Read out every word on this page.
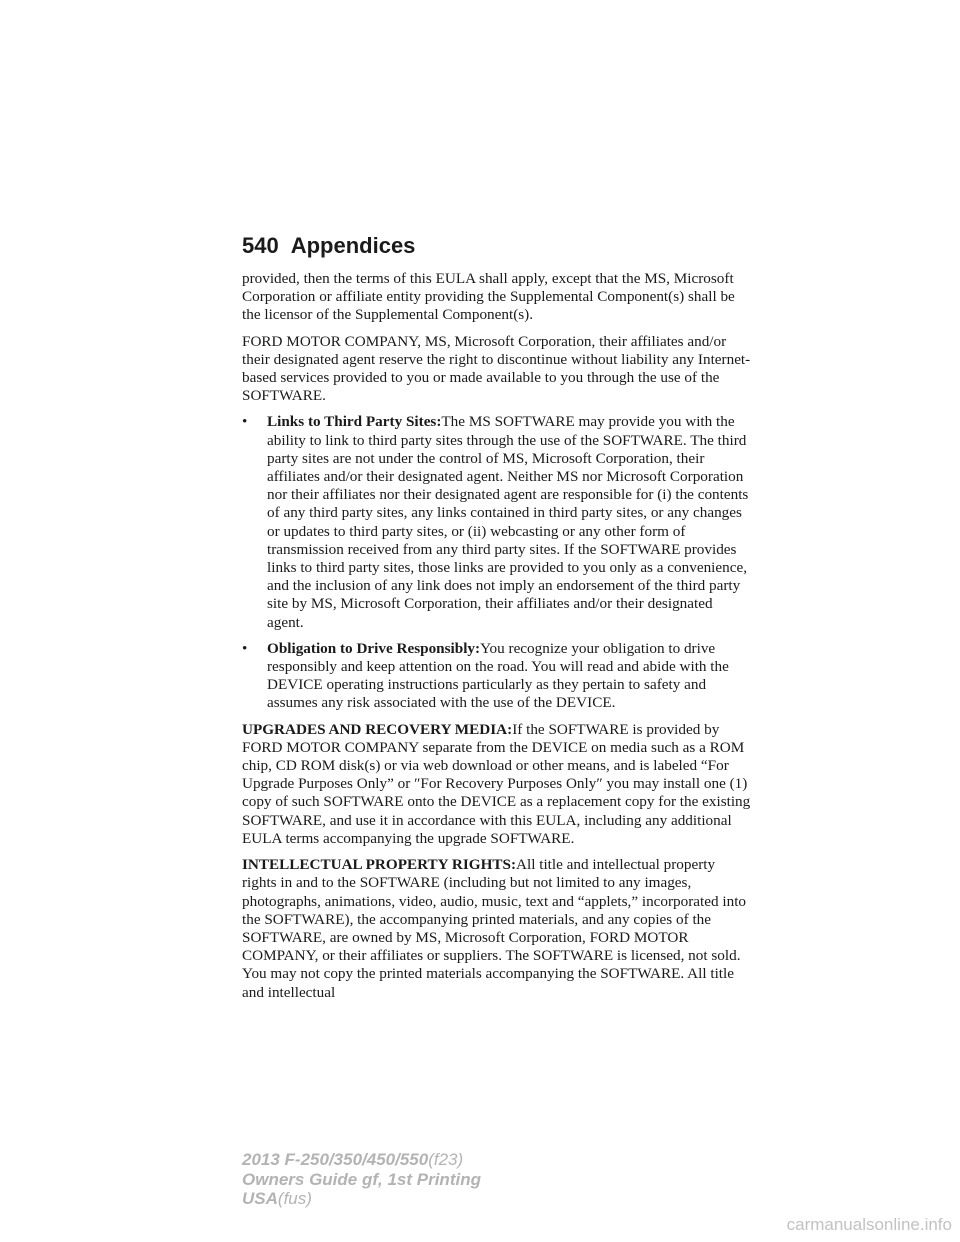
540 Appendices

provided, then the terms of this EULA shall apply, except that the MS, Microsoft Corporation or affiliate entity providing the Supplemental Component(s) shall be the licensor of the Supplemental Component(s).

FORD MOTOR COMPANY, MS, Microsoft Corporation, their affiliates and/or their designated agent reserve the right to discontinue without liability any Internet-based services provided to you or made available to you through the use of the SOFTWARE.

• Links to Third Party Sites:The MS SOFTWARE may provide you with the ability to link to third party sites through the use of the SOFTWARE. The third party sites are not under the control of MS, Microsoft Corporation, their affiliates and/or their designated agent. Neither MS nor Microsoft Corporation nor their affiliates nor their designated agent are responsible for (i) the contents of any third party sites, any links contained in third party sites, or any changes or updates to third party sites, or (ii) webcasting or any other form of transmission received from any third party sites. If the SOFTWARE provides links to third party sites, those links are provided to you only as a convenience, and the inclusion of any link does not imply an endorsement of the third party site by MS, Microsoft Corporation, their affiliates and/or their designated agent.
• Obligation to Drive Responsibly:You recognize your obligation to drive responsibly and keep attention on the road. You will read and abide with the DEVICE operating instructions particularly as they pertain to safety and assumes any risk associated with the use of the DEVICE.

UPGRADES AND RECOVERY MEDIA:If the SOFTWARE is provided by FORD MOTOR COMPANY separate from the DEVICE on media such as a ROM chip, CD ROM disk(s) or via web download or other means, and is labeled “For Upgrade Purposes Only” or ″For Recovery Purposes Only″ you may install one (1) copy of such SOFTWARE onto the DEVICE as a replacement copy for the existing SOFTWARE, and use it in accordance with this EULA, including any additional EULA terms accompanying the upgrade SOFTWARE.

INTELLECTUAL PROPERTY RIGHTS:All title and intellectual property rights in and to the SOFTWARE (including but not limited to any images, photographs, animations, video, audio, music, text and “applets,” incorporated into the SOFTWARE), the accompanying printed materials, and any copies of the SOFTWARE, are owned by MS, Microsoft Corporation, FORD MOTOR COMPANY, or their affiliates or suppliers. The SOFTWARE is licensed, not sold. You may not copy the printed materials accompanying the SOFTWARE. All title and intellectual

2013 F-250/350/450/550(f23)
Owners Guide gf, 1st Printing
USA(fus)
carmanualsonline.info
